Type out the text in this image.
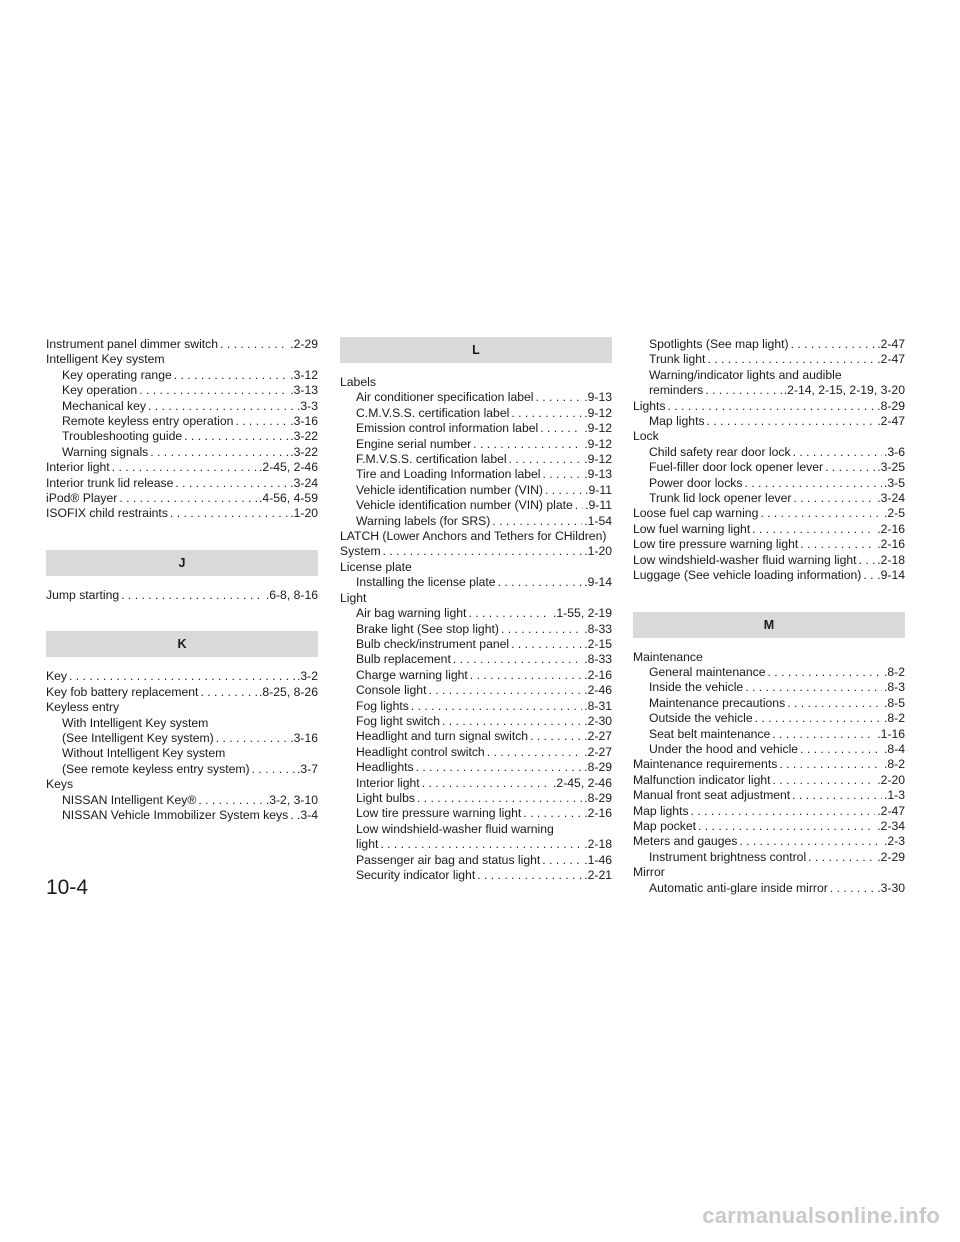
Instrument panel dimmer switch . . .	.2-29
Intelligent Key system
Key operating range . . .	.3-12
Key operation . . .	.3-13
Mechanical key . . .	.3-3
Remote keyless entry operation . . .	.3-16
Troubleshooting guide . . .	.3-22
Warning signals . . .	.3-22
Interior light . . .	.2-45, 2-46
Interior trunk lid release . . .	.3-24
iPod® Player . . .	.4-56, 4-59
ISOFIX child restraints . . .	.1-20
J
Jump starting . . .	.6-8, 8-16
K
Key . . .	.3-2
Key fob battery replacement . . .	.8-25, 8-26
Keyless entry
With Intelligent Key system
(See Intelligent Key system) . . .	.3-16
Without Intelligent Key system
(See remote keyless entry system) . . .	.3-7
Keys
NISSAN Intelligent Key® . . .	.3-2, 3-10
NISSAN Vehicle Immobilizer System keys . . . .3-4
L
Labels
Air conditioner specification label . . .	.9-13
C.M.V.S.S. certification label . . .	.9-12
Emission control information label . . .	.9-12
Engine serial number . . .	.9-12
F.M.V.S.S. certification label . . .	.9-12
Tire and Loading Information label . . .	.9-13
Vehicle identification number (VIN) . . .	.9-11
Vehicle identification number (VIN) plate . . . .9-11
Warning labels (for SRS) . . .	.1-54
LATCH (Lower Anchors and Tethers for CHildren)
System . . .	.1-20
License plate
Installing the license plate . . .	.9-14
Light
Air bag warning light . . .	.1-55, 2-19
Brake light (See stop light) . . .	.8-33
Bulb check/instrument panel . . .	.2-15
Bulb replacement . . .	.8-33
Charge warning light . . .	.2-16
Console light . . .	.2-46
Fog lights . . .	.8-31
Fog light switch . . .	.2-30
Headlight and turn signal switch . . .	.2-27
Headlight control switch . . .	.2-27
Headlights . . .	.8-29
Interior light . . .	.2-45, 2-46
Light bulbs . . .	.8-29
Low tire pressure warning light . . .	.2-16
Low windshield-washer fluid warning
light . . .	.2-18
Passenger air bag and status light . . .	.1-46
Security indicator light . . .	.2-21
Spotlights (See map light) . . .	.2-47
Trunk light . . .	.2-47
Warning/indicator lights and audible
reminders . . .	.2-14, 2-15, 2-19, 3-20
Lights . . .	.8-29
Map lights . . .	.2-47
Lock
Child safety rear door lock . . .	.3-6
Fuel-filler door lock opener lever . . .	.3-25
Power door locks . . .	.3-5
Trunk lid lock opener lever . . .	.3-24
Loose fuel cap warning . . .	.2-5
Low fuel warning light . . .	.2-16
Low tire pressure warning light . . .	.2-16
Low windshield-washer fluid warning light . . . .2-18
Luggage (See vehicle loading information) . . . .9-14
M
Maintenance
General maintenance . . .	.8-2
Inside the vehicle . . .	.8-3
Maintenance precautions . . .	.8-5
Outside the vehicle . . .	.8-2
Seat belt maintenance . . .	.1-16
Under the hood and vehicle . . .	.8-4
Maintenance requirements . . .	.8-2
Malfunction indicator light . . .	.2-20
Manual front seat adjustment . . .	.1-3
Map lights . . .	.2-47
Map pocket . . .	.2-34
Meters and gauges . . .	.2-3
Instrument brightness control . . .	.2-29
Mirror
Automatic anti-glare inside mirror . . .	.3-30
10-4
carmanualsonline.info
